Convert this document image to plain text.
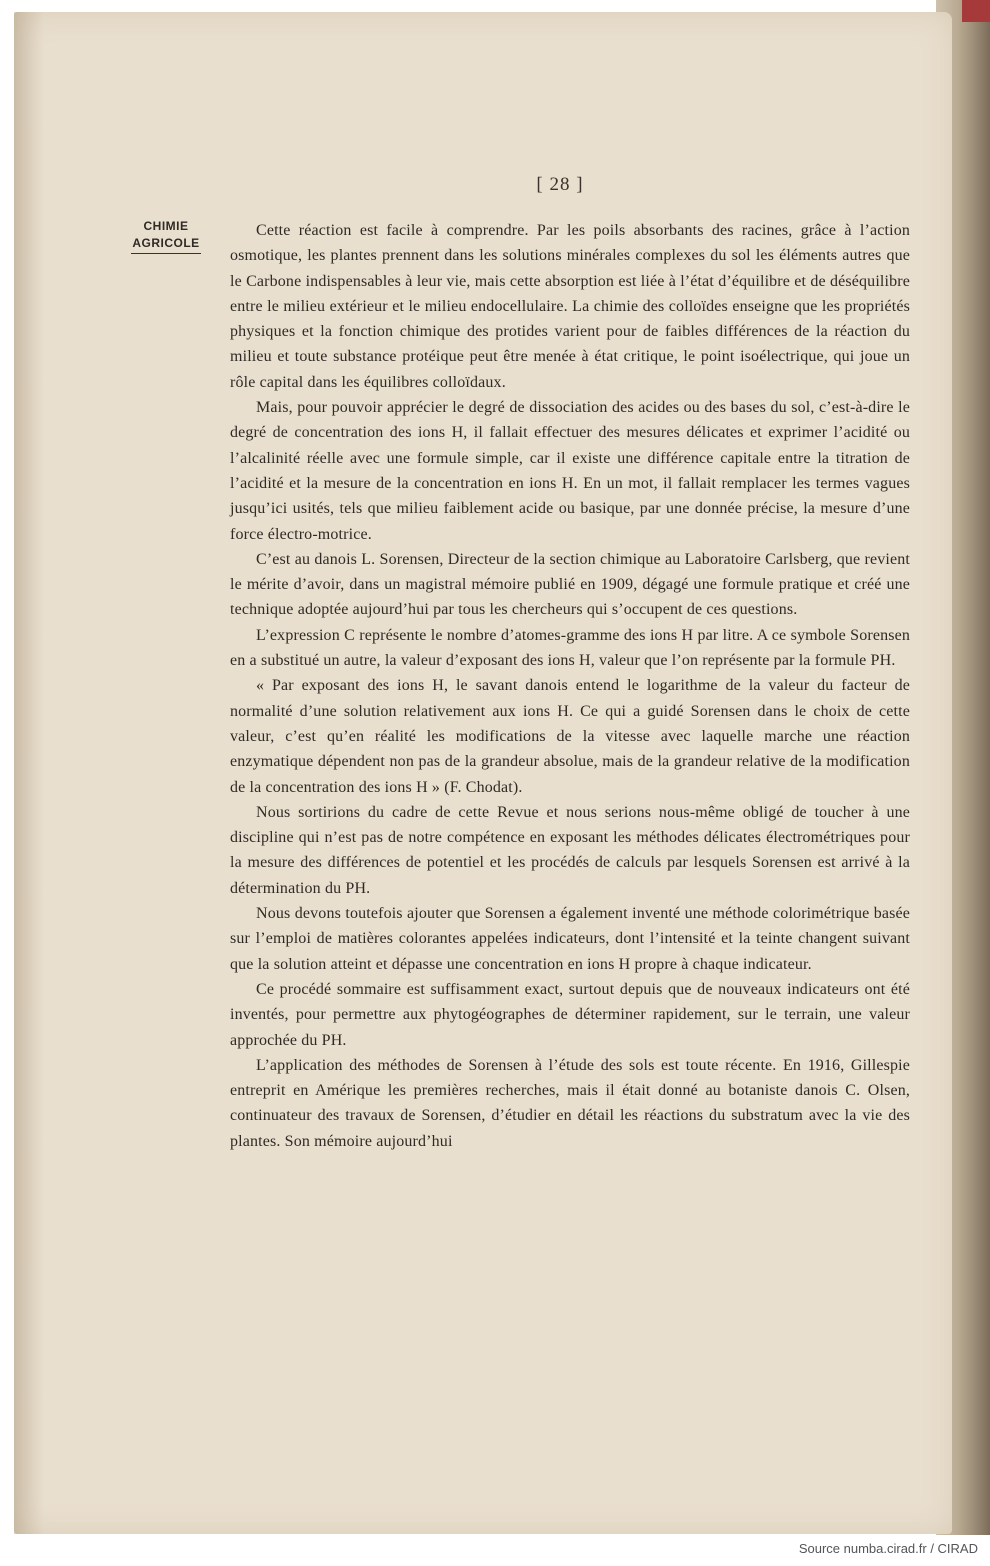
[ 28 ]
CHIMIE
AGRICOLE

Cette réaction est facile à comprendre. Par les poils absorbants des racines, grâce à l’action osmotique, les plantes prennent dans les solutions minérales complexes du sol les éléments autres que le Carbone indispensables à leur vie, mais cette absorption est liée à l’état d’équilibre et de déséquilibre entre le milieu extérieur et le milieu endocellulaire. La chimie des colloïdes enseigne que les propriétés physiques et la fonction chimique des protides varient pour de faibles différences de la réaction du milieu et toute substance protéique peut être menée à état critique, le point isoélectrique, qui joue un rôle capital dans les équilibres colloïdaux.

Mais, pour pouvoir apprécier le degré de dissociation des acides ou des bases du sol, c’est-à-dire le degré de concentration des ions H, il fallait effectuer des mesures délicates et exprimer l’acidité ou l’alcalinité réelle avec une formule simple, car il existe une différence capitale entre la titration de l’acidité et la mesure de la concentration en ions H. En un mot, il fallait remplacer les termes vagues jusqu’ici usités, tels que milieu faiblement acide ou basique, par une donnée précise, la mesure d’une force électro-motrice.

C’est au danois L. Sorensen, Directeur de la section chimique au Laboratoire Carlsberg, que revient le mérite d’avoir, dans un magistral mémoire publié en 1909, dégagé une formule pratique et créé une technique adoptée aujourd’hui par tous les chercheurs qui s’occupent de ces questions.

L’expression C représente le nombre d’atomes-gramme des ions H par litre. A ce symbole Sorensen en a substitué un autre, la valeur d’exposant des ions H, valeur que l’on représente par la formule PH.

« Par exposant des ions H, le savant danois entend le logarithme de la valeur du facteur de normalité d’une solution relativement aux ions H. Ce qui a guidé Sorensen dans le choix de cette valeur, c’est qu’en réalité les modifications de la vitesse avec laquelle marche une réaction enzymatique dépendent non pas de la grandeur absolue, mais de la grandeur relative de la modification de la concentration des ions H » (F. Chodat).

Nous sortirions du cadre de cette Revue et nous serions nous-même obligé de toucher à une discipline qui n’est pas de notre compétence en exposant les méthodes délicates électrométriques pour la mesure des différences de potentiel et les procédés de calculs par lesquels Sorensen est arrivé à la détermination du PH.

Nous devons toutefois ajouter que Sorensen a également inventé une méthode colorimétrique basée sur l’emploi de matières colorantes appelées indicateurs, dont l’intensité et la teinte changent suivant que la solution atteint et dépasse une concentration en ions H propre à chaque indicateur.

Ce procédé sommaire est suffisamment exact, surtout depuis que de nouveaux indicateurs ont été inventés, pour permettre aux phytogéographes de déterminer rapidement, sur le terrain, une valeur approchée du PH.

L’application des méthodes de Sorensen à l’étude des sols est toute récente. En 1916, Gillespie entreprit en Amérique les premières recherches, mais il était donné au botaniste danois C. Olsen, continuateur des travaux de Sorensen, d’étudier en détail les réactions du substratum avec la vie des plantes. Son mémoire aujourd’hui

Source numba.cirad.fr / CIRAD
